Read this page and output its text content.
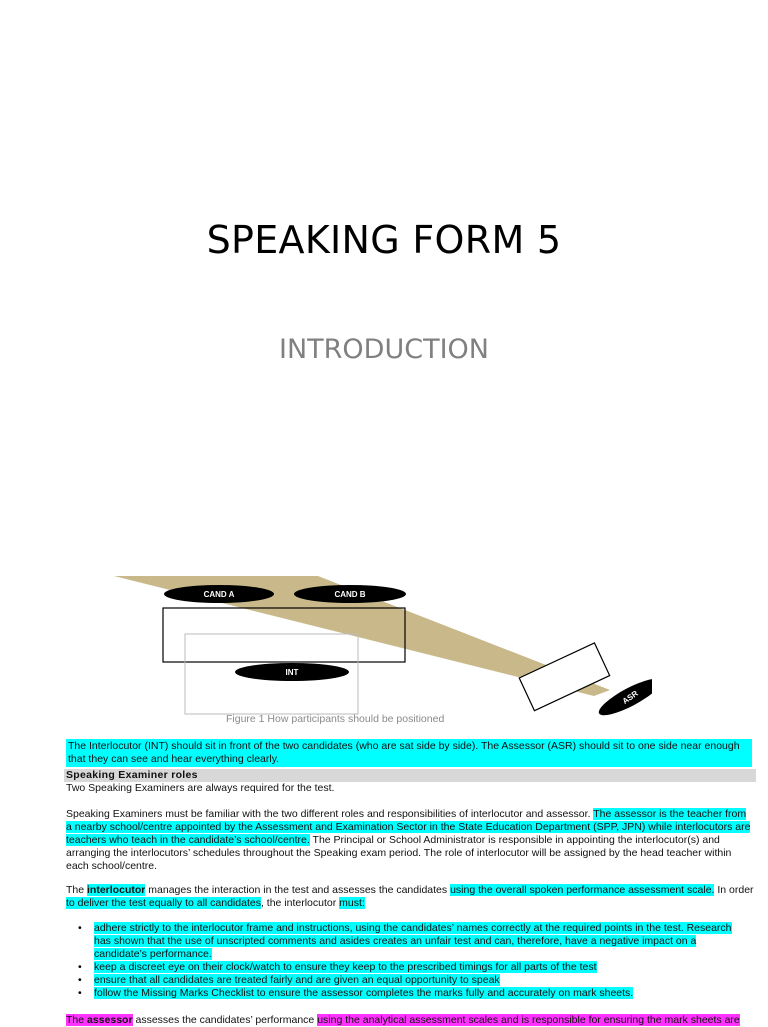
SPEAKING FORM 5
INTRODUCTION
CAND A	CAND B
INT
ASR
Figure 1 How participants should be positioned
The Interlocutor (INT) should sit in front of the two candidates (who are sat side by side). The Assessor (ASR) should sit to one side near enough that they can see and hear everything clearly.
Speaking Examiner roles
Two Speaking Examiners are always required for the test.
Speaking Examiners must be familiar with the two different roles and responsibilities of interlocutor and assessor. The assessor is the teacher from a nearby school/centre appointed by the Assessment and Examination Sector in the State Education Department (SPP, JPN) while interlocutors are teachers who teach in the candidate’s school/centre. The Principal or School Administrator is responsible in appointing the interlocutor(s) and arranging the interlocutors’ schedules throughout the Speaking exam period. The role of interlocutor will be assigned by the head teacher within each school/centre.
The interlocutor manages the interaction in the test and assesses the candidates using the overall spoken performance assessment scale. In order to deliver the test equally to all candidates, the interlocutor must:
• adhere strictly to the interlocutor frame and instructions, using the candidates’ names correctly at the required points in the test. Research has shown that the use of unscripted comments and asides creates an unfair test and can, therefore, have a negative impact on a candidate’s performance.
• keep a discreet eye on their clock/watch to ensure they keep to the prescribed timings for all parts of the test
• ensure that all candidates are treated fairly and are given an equal opportunity to speak
• follow the Missing Marks Checklist to ensure the assessor completes the marks fully and accurately on mark sheets.
The assessor assesses the candidates’ performance using the analytical assessment scales and is responsible for ensuring the mark sheets are
